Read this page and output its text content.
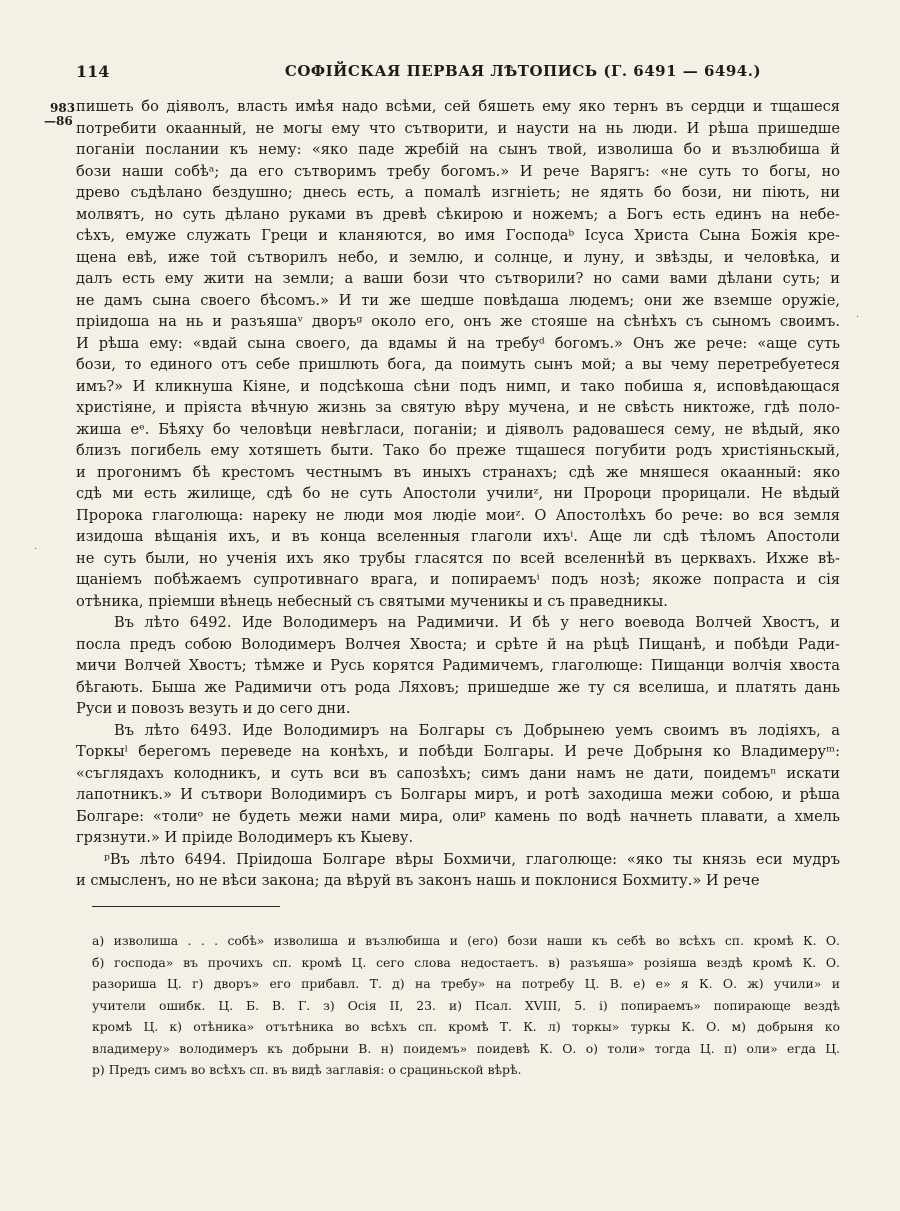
114	СОФІЙСКАЯ ПЕРВАЯ ЛѢТОПИСЬ (Г. 6491 — 6494.)
983
—86
пишеть бо діяволъ, власть имѣя надо всѣми, сей бяшеть ему яко тернъ въ сердци и тщашеся
потребити окаанный, не могы ему что сътворити, и наусти на нь люди. И рѣша пришедше
поганіи послании къ нему: «яко паде жребій на сынъ твой, изволиша бо и възлюбиша й
бози наши собѣᵃ; да его сътворимъ требу богомъ.» И рече Варягъ: «не суть то богы, но
древо съдѣлано бездушно; днесь есть, а помалѣ изгніеть; не ядять бо бози, ни піють, ни
молвятъ, но суть дѣлано руками въ древѣ сѣкирою и ножемъ; а Богъ есть единъ на небе-
сѣхъ, емуже служать Греци и кланяются, во имя Господаᵇ Ісуса Христа Сына Божія кре-
щена евѣ, иже той сътворилъ небо, и землю, и солнце, и луну, и звѣзды, и человѣка, и
далъ есть ему жити на земли; а ваши бози что сътворили? но сами вами дѣлани суть; и
не дамъ сына своего бѣсомъ.» И ти же шедше повѣдаша людемъ; они же вземше оружіе,
пріидоша на нь и разъяшаᵛ дворъᵍ около его, онъ же стояше на сѣнѣхъ съ сыномъ своимъ.
И рѣша ему: «вдай сына своего, да вдамы й на требуᵈ богомъ.» Онъ же рече: «аще суть
бози, то единого отъ себе пришлють бога, да поимуть сынъ мой; а вы чему перетребуетеся
имъ?» И кликнуша Кіяне, и подсѣкоша сѣни подъ нимп, и тако побиша я, исповѣдающася
христіяне, и пріяста вѣчную жизнь за святую вѣру мучена, и не свѣсть никтоже, гдѣ поло-
жиша еᵉ. Бѣяху бо человѣци невѣгласи, поганіи; и діяволъ радовашеся сему, не вѣдый, яко
близъ погибель ему хотяшеть быти. Тако бо преже тщашеся погубити родъ христіяньскый,
и прогонимъ бѣ крестомъ честнымъ въ иныхъ странахъ; сдѣ же мняшеся окаанный: яко
сдѣ ми есть жилище, сдѣ бо не суть Апостоли училиᶻ, ни Пророци прорицали. Не вѣдый
Пророка глаголюща: нареку не люди моя людіе моиᶻ. О Апостолѣхъ бо рече: во вся земля
изидоша вѣщанія ихъ, и въ конца вселенныя глаголи ихъⁱ. Аще ли сдѣ тѣломъ Апостоли
не суть были, но ученія ихъ яко трубы гласятся по всей вселеннѣй въ церквахъ. Ихже вѣ-
щаніемъ побѣжаемъ супротивнаго врага, и попираемъⁱ подъ нозѣ; якоже попраста и сія
отѣника, пріемши вѣнець небесный съ святыми мученикы и съ праведникы.
Въ лѣто 6492. Иде Володимеръ на Радимичи. И бѣ у него воевода Волчей Хвостъ, и
посла предъ собою Володимеръ Волчея Хвоста; и срѣте й на рѣцѣ Пищанѣ, и побѣди Ради-
мичи Волчей Хвостъ; тѣмже и Русь корятся Радимичемъ, глаголюще: Пищанци волчія хвоста
бѣгають. Быша же Радимичи отъ рода Ляховъ; пришедше же ту ся вселиша, и платять дань
Руси и повозъ везуть и до сего дни.
Въ лѣто 6493. Иде Володимиръ на Болгары съ Добрынею уемъ своимъ въ лодіяхъ, а
Торкыˡ берегомъ переведе на конѣхъ, и побѣди Болгары. И рече Добрыня ко Владимеруᵐ:
«съглядахъ колодникъ, и суть вси въ сапозѣхъ; симъ дани намъ не дати, поидемъⁿ искати
лапотникъ.» И сътвори Володимиръ съ Болгары миръ, и ротѣ заходиша межи собою, и рѣша
Болгаре: «толиᵒ не будеть межи нами мира, олиᵖ камень по водѣ начнеть плавати, а хмель
грязнути.» И пріиде Володимеръ къ Кыеву.
ᵖВъ лѣто 6494. Пріидоша Болгаре вѣры Бохмичи, глаголюще: «яко ты князь еси мудръ
и смысленъ, но не вѣси закона; да вѣруй въ законъ нашь и поклонися Бохмиту.» И рече
а) изволиша . . . собѣ» изволиша и възлюбиша и (его) бози наши къ себѣ во всѣхъ сп. кромѣ К. О.
б) господа» въ прочихъ сп. кромѣ Ц. сего слова недостаетъ. в) разъяша» розіяша вездѣ кромѣ К. О.
разориша Ц. г) дворъ» его прибавл. Т. д) на требу» на потребу Ц. В. е) е» я К. О. ж) учили» и
учители ошибк. Ц. Б. В. Г. з) Осія II, 23. и) Псал. XVIII, 5. і) попираемъ» попирающе вездѣ
кромѣ Ц. к) отѣника» отътѣника во всѣхъ сп. кромѣ Т. К. л) торкы» туркы К. О. м) добрыня ко
владимеру» володимеръ къ добрыни В. н) поидемъ» поидевѣ К. О. о) толи» тогда Ц. п) оли» егда Ц.
р) Предъ симъ во всѣхъ сп. въ видѣ заглавія: о срациньской вѣрѣ.
·
·
